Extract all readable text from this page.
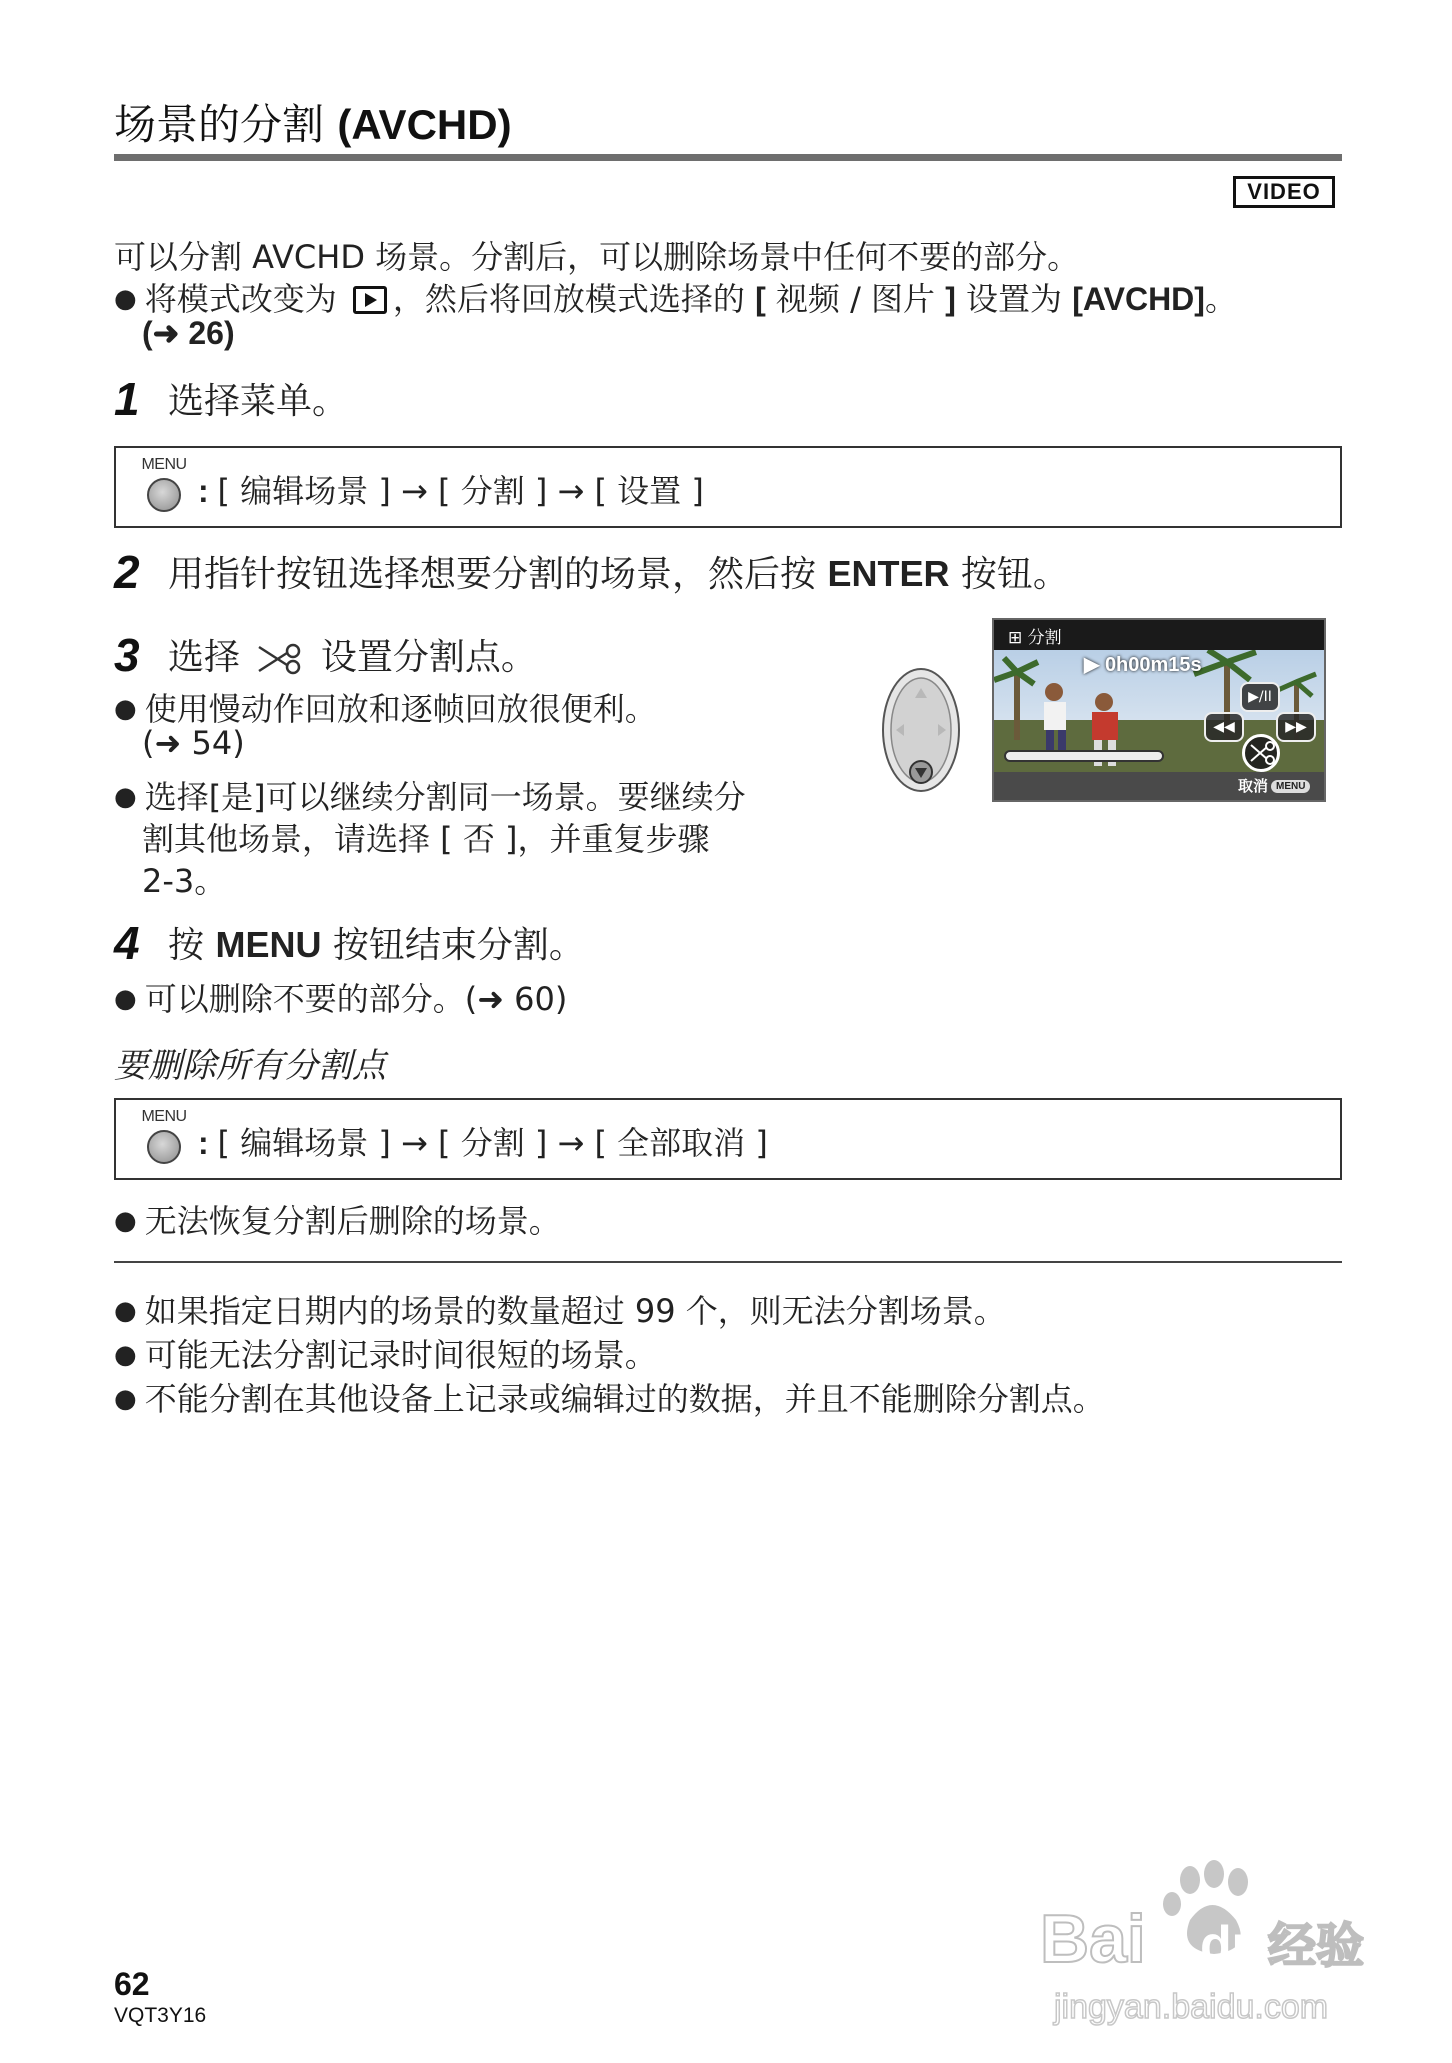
场景的分割 (AVCHD)
VIDEO
可以分割 AVCHD 场景。分割后，可以删除场景中任何不要的部分。
● 将模式改变为 ，然后将回放模式选择的 [ 视频 / 图片 ] 设置为 [AVCHD]。
(➜ 26)
1 选择菜单。
MENU
: [ 编辑场景 ] → [ 分割 ] → [ 设置 ]
2 用指针按钮选择想要分割的场景，然后按 ENTER 按钮。
3 选择  设置分割点。
● 使用慢动作回放和逐帧回放很便利。
(➜ 54)
● 选择[是]可以继续分割同一场景。要继续分
割其他场景，请选择 [ 否 ]，并重复步骤
2-3。
⊞ 分割
▶ 0h00m15s
▶/II
◀◀	▶▶
取消 MENU
4 按 MENU 按钮结束分割。
● 可以删除不要的部分。(➜ 60)
要删除所有分割点
MENU
: [ 编辑场景 ] → [ 分割 ] → [ 全部取消 ]
● 无法恢复分割后删除的场景。
● 如果指定日期内的场景的数量超过 99 个，则无法分割场景。
● 可能无法分割记录时间很短的场景。
● 不能分割在其他设备上记录或编辑过的数据，并且不能删除分割点。
62
VQT3Y16
Bai du 经验
jingyan.baidu.com
